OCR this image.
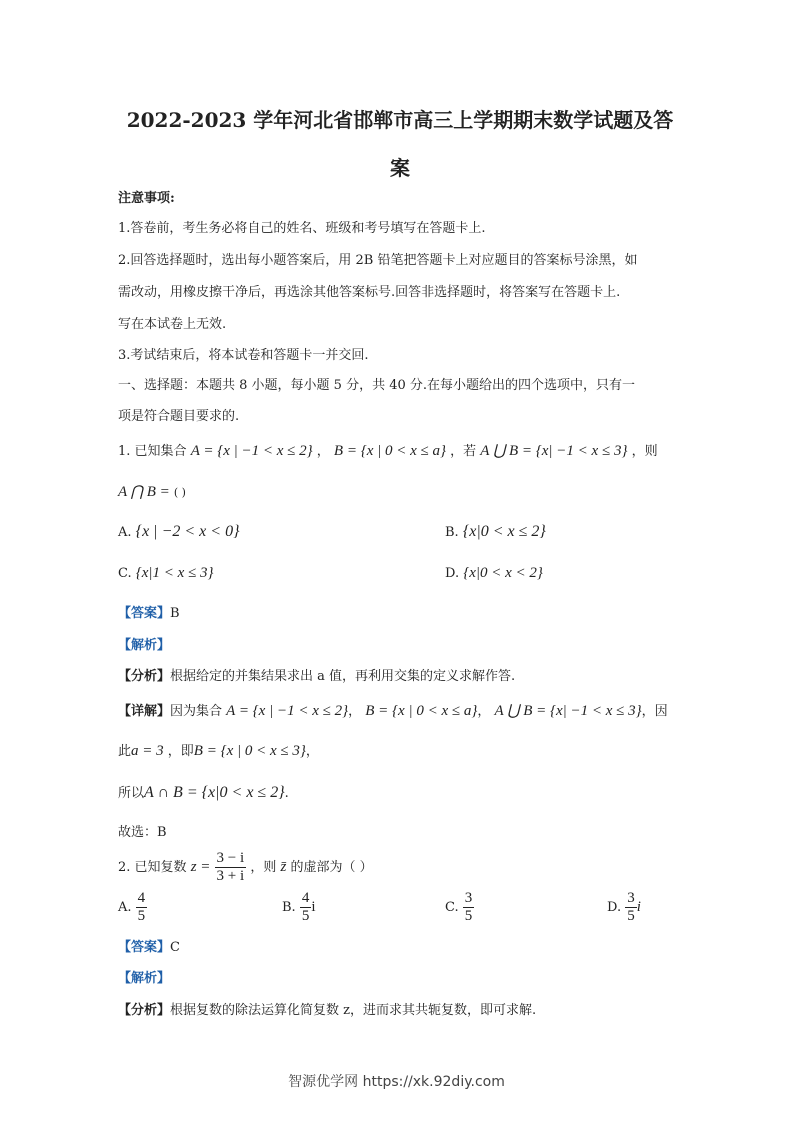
2022-2023 学年河北省邯郸市高三上学期期末数学试题及答
案
注意事项:
1.答卷前，考生务必将自己的姓名、班级和考号填写在答题卡上.
2.回答选择题时，选出每小题答案后，用 2B 铅笔把答题卡上对应题目的答案标号涂黑，如
需改动，用橡皮擦干净后，再选涂其他答案标号.回答非选择题时，将答案写在答题卡上.
写在本试卷上无效.
3.考试结束后，将本试卷和答题卡一并交回.
一、选择题：本题共 8 小题，每小题 5 分，共 40 分.在每小题给出的四个选项中，只有一
项是符合题目要求的.
1. 已知集合 A = {x | −1 < x ≤ 2} ， B = {x | 0 < x ≤ a} ，若 A ⋃ B = {x| −1 < x ≤ 3} ，则
A ⋂ B = ( )
A. {x | −2 < x < 0}	B. {x|0 < x ≤ 2}
C. {x|1 < x ≤ 3}	D. {x|0 < x < 2}
【答案】B
【解析】
【分析】根据给定的并集结果求出 a 值，再利用交集的定义求解作答.
【详解】因为集合 A = {x | −1 < x ≤ 2}， B = {x | 0 < x ≤ a}， A ⋃ B = {x| −1 < x ≤ 3}，因
此a = 3 ，即B = {x | 0 < x ≤ 3}，
所以A ∩ B = {x|0 < x ≤ 2}.
故选：B
2. 已知复数 $z = \frac{3 - i}{3 + i}$ ，则 z̄ 的虚部为（ ）
A. $\frac{4}{5}$	B. $\frac{4}{5}$ i	C. $\frac{3}{5}$	D. $\frac{3}{5}$ i
【答案】C
【解析】
【分析】根据复数的除法运算化简复数 z，进而求其共轭复数，即可求解.
智源优学网 https://xk.92diy.com
